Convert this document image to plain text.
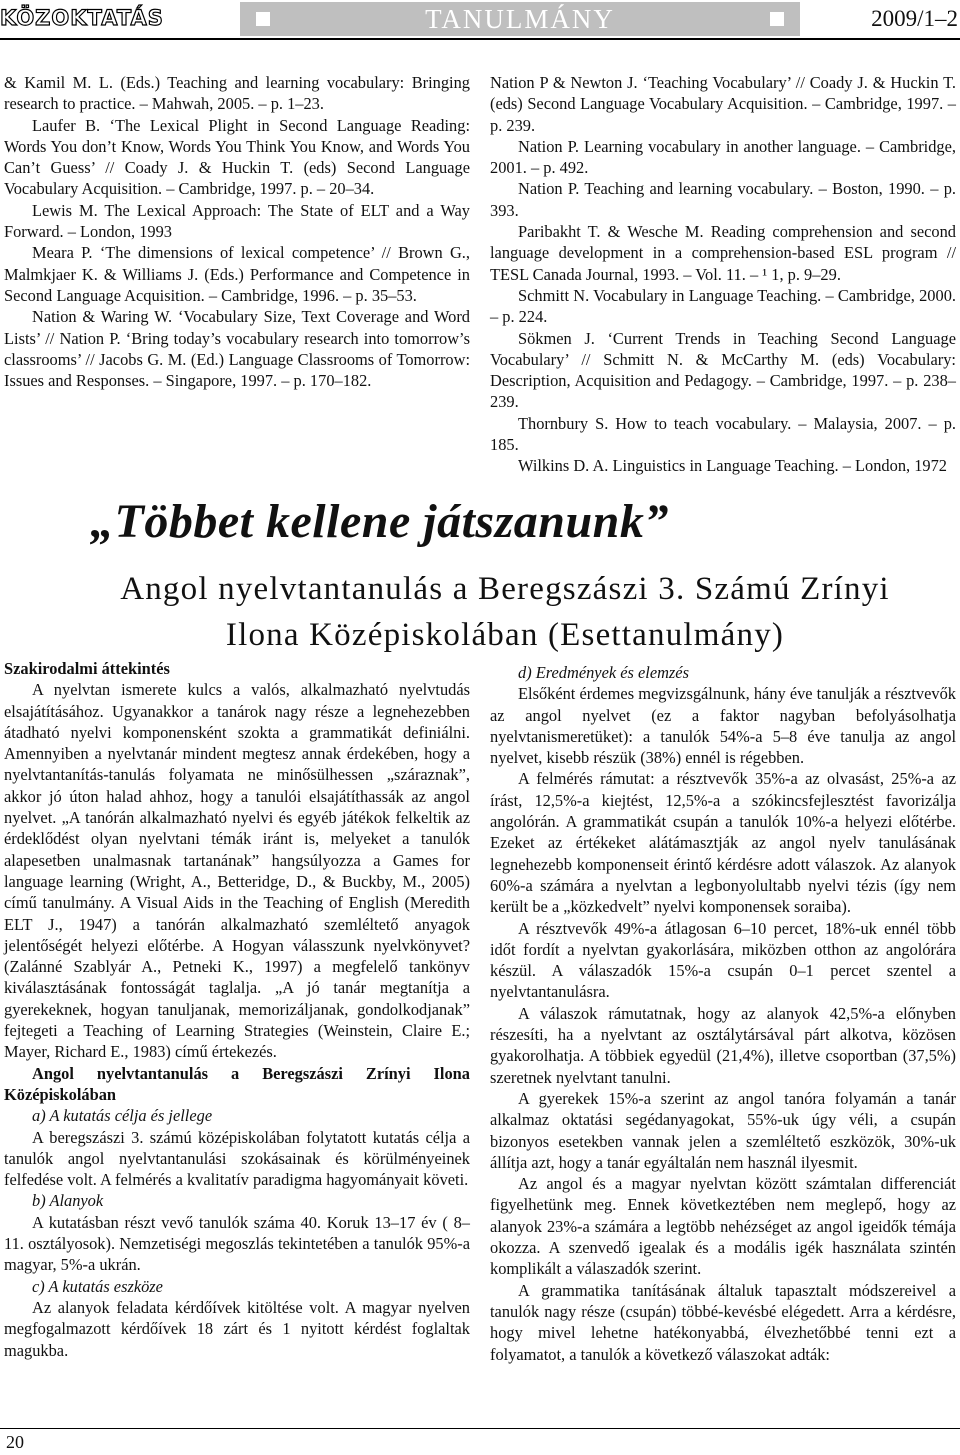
KÖZOKTATÁS	TANULMÁNY	2009/1–2

& Kamil M. L. (Eds.) Teaching and learning vocabulary: Bringing research to practice. – Mahwah, 2005. – p. 1–23.

Laufer B. ‘The Lexical Plight in Second Language Reading: Words You don’t Know, Words You Think You Know, and Words You Can’t Guess’ // Coady J. & Huckin T. (eds) Second Language Vocabulary Acquisition. – Cambridge, 1997. p. – 20–34.

Lewis M. The Lexical Approach: The State of ELT and a Way Forward. – London, 1993

Meara P. ‘The dimensions of lexical competence’ // Brown G., Malmkjaer K. & Williams J. (Eds.) Performance and Competence in Second Language Acquisition. – Cambridge, 1996. – p. 35–53.

Nation & Waring W. ‘Vocabulary Size, Text Coverage and Word Lists’ // Nation P. ‘Bring today’s vocabulary research into tomorrow’s classrooms’ // Jacobs G. M. (Ed.) Language Classrooms of Tomorrow: Issues and Responses. – Singapore, 1997. – p. 170–182.

Nation P & Newton J. ‘Teaching Vocabulary’ // Coady J. & Huckin T. (eds) Second Language Vocabulary Acquisition. – Cambridge, 1997. – p. 239.

Nation P. Learning vocabulary in another language. – Cambridge, 2001. – p. 492.

Nation P. Teaching and learning vocabulary. – Boston, 1990. – p. 393.

Paribakht T. & Wesche M. Reading comprehension and second language development in a comprehension-based ESL program // TESL Canada Journal, 1993. – Vol. 11. – ¹ 1, p. 9–29.

Schmitt N. Vocabulary in Language Teaching. – Cambridge, 2000. – p. 224.

Sökmen J. ‘Current Trends in Teaching Second Language Vocabulary’ // Schmitt N. & McCarthy M. (eds) Vocabulary: Description, Acquisition and Pedagogy. – Cambridge, 1997. – p. 238–239.

Thornbury S. How to teach vocabulary. – Malaysia, 2007. – p. 185.

Wilkins D. A. Linguistics in Language Teaching. – London, 1972

„Többet kellene játszanunk”
Angol nyelvtantanulás a Beregszászi 3. Számú Zrínyi Ilona Középiskolában (Esettanulmány)

Szakirodalmi áttekintés

A nyelvtan ismerete kulcs a valós, alkalmazható nyelvtudás elsajátításához. Ugyanakkor a tanárok nagy része a legnehezebben átadható nyelvi komponensként szokta a grammatikát definiálni. Amennyiben a nyelvtanár mindent megtesz annak érdekében, hogy a nyelvtantanítás-tanulás folyamata ne minősülhessen „száraznak”, akkor jó úton halad ahhoz, hogy a tanulói elsajátíthassák az angol nyelvet. „A tanórán alkalmazható nyelvi és egyéb játékok felkeltik az érdeklődést olyan nyelvtani témák iránt is, melyeket a tanulók alapesetben unalmasnak tartanának” hangsúlyozza a Games for language learning (Wright, A., Betteridge, D., & Buckby, M., 2005) című tanulmány. A Visual Aids in the Teaching of English (Meredith ELT J., 1947) a tanórán alkalmazható szemléltető anyagok jelentőségét helyezi előtérbe. A Hogyan válasszunk nyelvkönyvet? (Zalánné Szablyár A., Petneki K., 1997) a megfelelő tankönyv kiválasztásának fontosságát taglalja. „A jó tanár megtanítja a gyerekeknek, hogyan tanuljanak, memorizáljanak, gondolkodjanak” fejtegeti a Teaching of Learning Strategies (Weinstein, Claire E.; Mayer, Richard E., 1983) című értekezés.

Angol nyelvtantanulás a Beregszászi Zrínyi Ilona Középiskolában

a) A kutatás célja és jellege

A beregszászi 3. számú középiskolában folytatott kutatás célja a tanulók angol nyelvtantanulási szokásainak és körülményeinek felfedése volt. A felmérés a kvalitatív paradigma hagyományait követi.

b) Alanyok

A kutatásban részt vevő tanulók száma 40. Koruk 13–17 év ( 8–11. osztályosok). Nemzetiségi megoszlás tekintetében a tanulók 95%-a magyar, 5%-a ukrán.

c) A kutatás eszköze

Az alanyok feladata kérdőívek kitöltése volt. A magyar nyelven megfogalmazott kérdőívek 18 zárt és 1 nyitott kérdést foglaltak magukba.

d) Eredmények és elemzés

Elsőként érdemes megvizsgálnunk, hány éve tanulják a résztvevők az angol nyelvet (ez a faktor nagyban befolyásolhatja nyelvtanismeretüket): a tanulók 54%-a 5–8 éve tanulja az angol nyelvet, kisebb részük (38%) ennél is régebben.

A felmérés rámutat: a résztvevők 35%-a az olvasást, 25%-a az írást, 12,5%-a kiejtést, 12,5%-a a szókincsfejlesztést favorizálja angolórán. A grammatikát csupán a tanulók 10%-a helyezi előtérbe. Ezeket az értékeket alátámasztják az angol nyelv tanulásának legnehezebb komponenseit érintő kérdésre adott válaszok. Az alanyok 60%-a számára a nyelvtan a legbonyolultabb nyelvi tézis (így nem került be a „közkedvelt” nyelvi komponensek soraiba).

A résztvevők 49%-a átlagosan 6–10 percet, 18%-uk ennél több időt fordít a nyelvtan gyakorlására, miközben otthon az angolórára készül. A válaszadók 15%-a csupán 0–1 percet szentel a nyelvtantanulásra.

A válaszok rámutatnak, hogy az alanyok 42,5%-a előnyben részesíti, ha a nyelvtant az osztálytársával párt alkotva, közösen gyakorolhatja. A többiek egyedül (21,4%), illetve csoportban (37,5%) szeretnek nyelvtant tanulni.

A gyerekek 15%-a szerint az angol tanóra folyamán a tanár alkalmaz oktatási segédanyagokat, 55%-uk úgy véli, a csupán bizonyos esetekben vannak jelen a szemléltető eszközök, 30%-uk állítja azt, hogy a tanár egyáltalán nem használ ilyesmit.

Az angol és a magyar nyelvtan között számtalan differenciát figyelhetünk meg. Ennek következtében nem meglepő, hogy az alanyok 23%-a számára a legtöbb nehézséget az angol igeidők témája okozza. A szenvedő igealak és a modális igék használata szintén komplikált a válaszadók szerint.

A grammatika tanításának általuk tapasztalt módszereivel a tanulók nagy része (csupán) többé-kevésbé elégedett. Arra a kérdésre, hogy mivel lehetne hatékonyabbá, élvezhetőbbé tenni ezt a folyamatot, a tanulók a következő válaszokat adták:

20
